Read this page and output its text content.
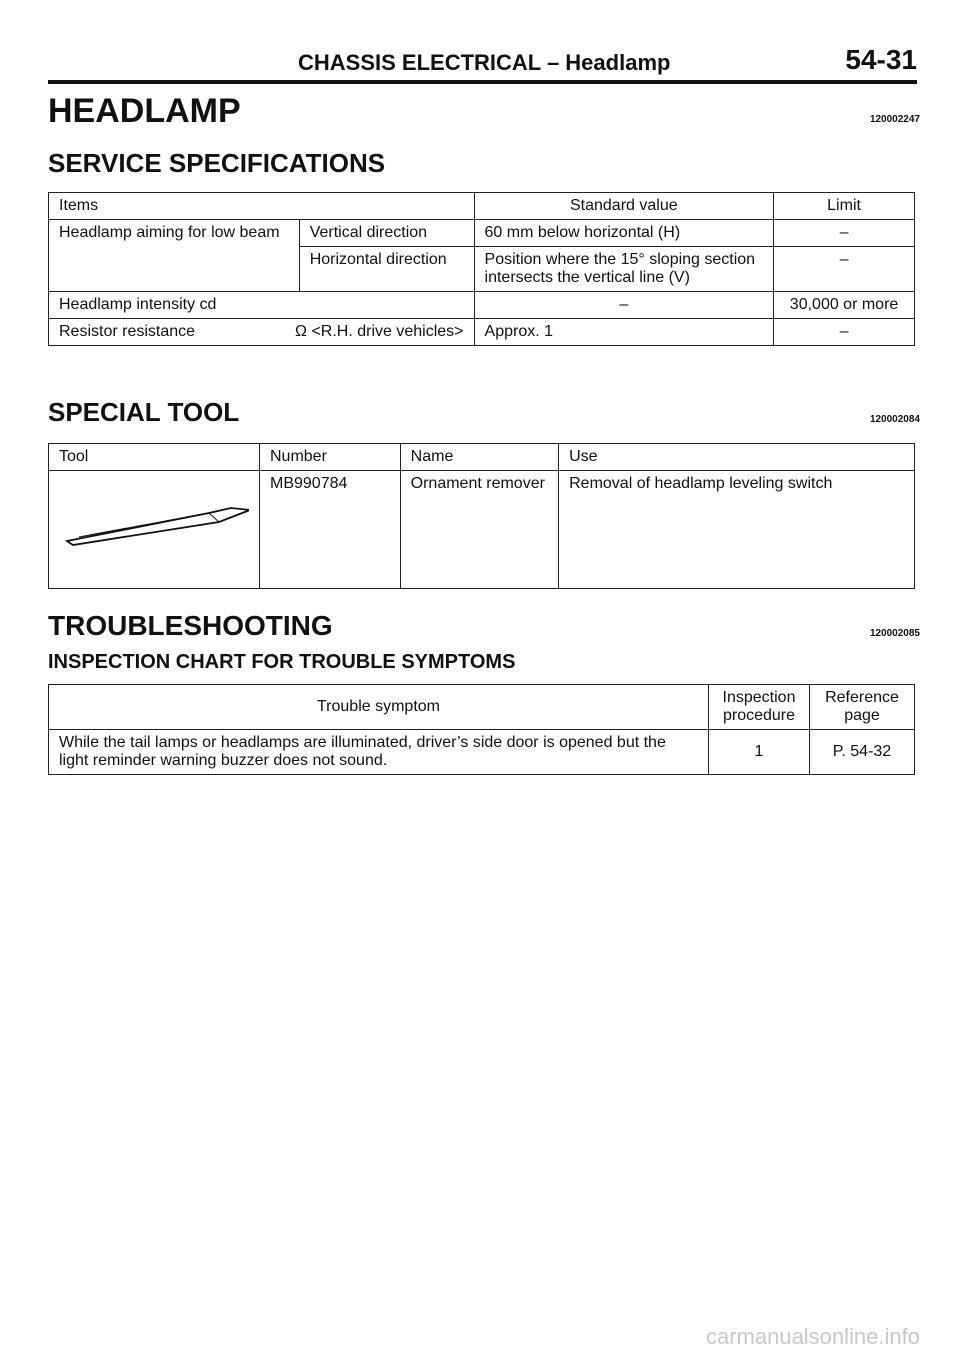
CHASSIS ELECTRICAL – Headlamp	54-31
HEADLAMP	120002247
SERVICE SPECIFICATIONS
Items		Standard value	Limit
Headlamp aiming for low beam	Vertical direction	60 mm below horizontal (H)	–
	Horizontal direction	Position where the 15° sloping section intersects the vertical line (V)	–
Headlamp intensity cd		–	30,000 or more
Resistor resistance Ω <R.H. drive vehicles>		Approx. 1	–
SPECIAL TOOL	120002084
Tool	Number	Name	Use

	MB990784	Ornament remover	Removal of headlamp leveling switch
TROUBLESHOOTING	120002085
INSPECTION CHART FOR TROUBLE SYMPTOMS
Trouble symptom	Inspection procedure	Reference page
While the tail lamps or headlamps are illuminated, driver’s side door is opened but the light reminder warning buzzer does not sound.	1	P. 54-32
carmanualsonline.info
